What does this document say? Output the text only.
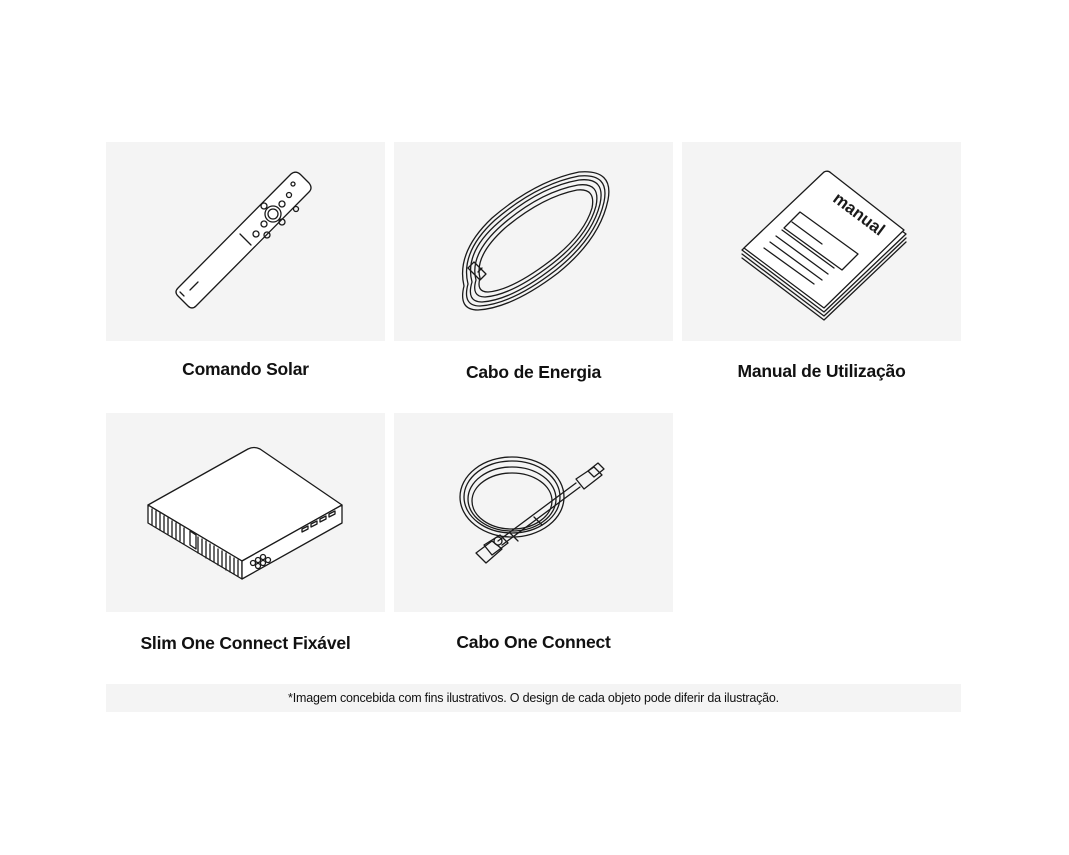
Comando Solar	Cabo de Energia
manual
Manual de Utilização
Slim One Connect Fixável	Cabo One Connect
*Imagem concebida com fins ilustrativos. O design de cada objeto pode diferir da ilustração.
